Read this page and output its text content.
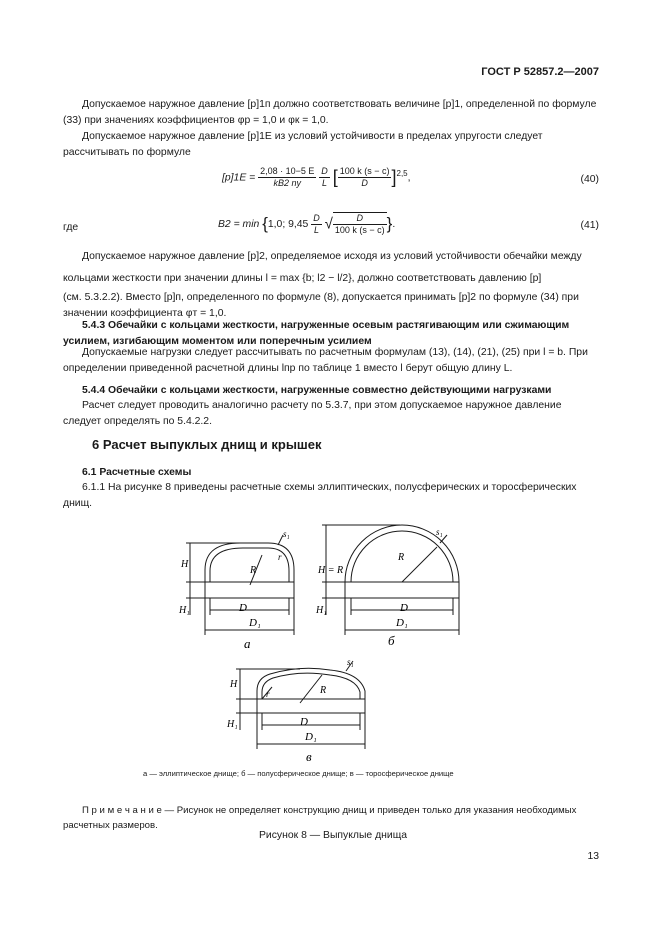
ГОСТ Р 52857.2—2007

Допускаемое наружное давление [p]1п должно соответствовать величине [p]1, определенной по формуле (33) при значениях коэффициентов φр = 1,0 и φк = 1,0.

Допускаемое наружное давление [p]1E из условий устойчивости в пределах упругости следует рассчитывать по формуле

$[p]1E = \frac{2,08 \cdot 10-5 E}{kB2 ny}$
$\frac{D}{L}$ [ $\frac{100 k (s - c)}{D} ]^{2,5}$,	(40)
где	B2 = min {1,0; $9,45 \frac{D}{L}$ √ $\frac{D}{100 k (s - c)}$ }.	(41)

Допускаемое наружное давление [p]2, определяемое исходя из условий устойчивости обечайки между

кольцами жесткости при значении длины l = max {b; l2 − l/2}, должно соответствовать давлению [p]

(см. 5.3.2.2). Вместо [p]п, определенного по формуле (8), допускается принимать [p]2 по формуле (34) при значении коэффициента φт = 1,0.

5.4.3 Обечайки с кольцами жесткости, нагруженные осевым растягивающим или сжимающим усилием, изгибающим моментом или поперечным усилием

Допускаемые нагрузки следует рассчитывать по расчетным формулам (13), (14), (21), (25) при l = b. При определении приведенной расчетной длины lпр по таблице 1 вместо l берут общую длину L.

5.4.4 Обечайки с кольцами жесткости, нагруженные совместно действующими нагрузками

Расчет следует проводить аналогично расчету по 5.3.7, при этом допускаемое наружное давление следует определять по 5.4.2.2.

6 Расчет выпуклых днищ и крышек

6.1 Расчетные схемы

6.1.1 На рисунке 8 приведены расчетные схемы эллиптических, полусферических и торосферических днищ.

H
H₁	D
D₁
R
r
s₁
а
H = R
H₁	D
D₁
R
s₁
б
H
H₁	D
D₁
R
r
s₁
в
а — эллиптическое днище; б — полусферическое днище; в — торосферическое днище

П р и м е ч а н и е — Рисунок не определяет конструкцию днищ и приведен только для указания необходимых расчетных размеров.

Рисунок 8 — Выпуклые днища
13
